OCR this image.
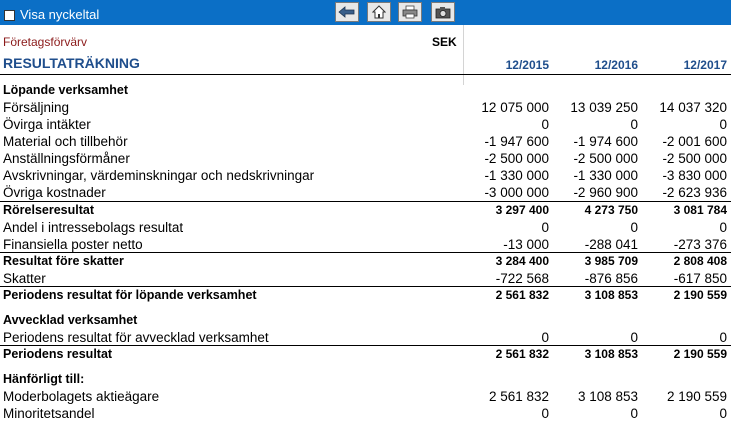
Visa nyckeltal
Företagsförvärv	SEK
RESULTATRÄKNING	12/2015	12/2016	12/2017
Löpande verksamhet
Försäljning	12 075 000	13 039 250	14 037 320
Övirga intäkter	0	0	0
Material och tillbehör	-1 947 600	-1 974 600	-2 001 600
Anställningsförmåner	-2 500 000	-2 500 000	-2 500 000
Avskrivningar, värdeminskningar och nedskrivningar	-1 330 000	-1 330 000	-3 830 000
Övriga kostnader	-3 000 000	-2 960 900	-2 623 936
Rörelseresultat	3 297 400	4 273 750	3 081 784
Andel i intressebolags resultat	0	0	0
Finansiella poster netto	-13 000	-288 041	-273 376
Resultat före skatter	3 284 400	3 985 709	2 808 408
Skatter	-722 568	-876 856	-617 850
Periodens resultat för löpande verksamhet	2 561 832	3 108 853	2 190 559
Avvecklad verksamhet
Periodens resultat för avvecklad verksamhet	0	0	0
Periodens resultat	2 561 832	3 108 853	2 190 559
Hänförligt till:
Moderbolagets aktieägare	2 561 832	3 108 853	2 190 559
Minoritetsandel	0	0	0
